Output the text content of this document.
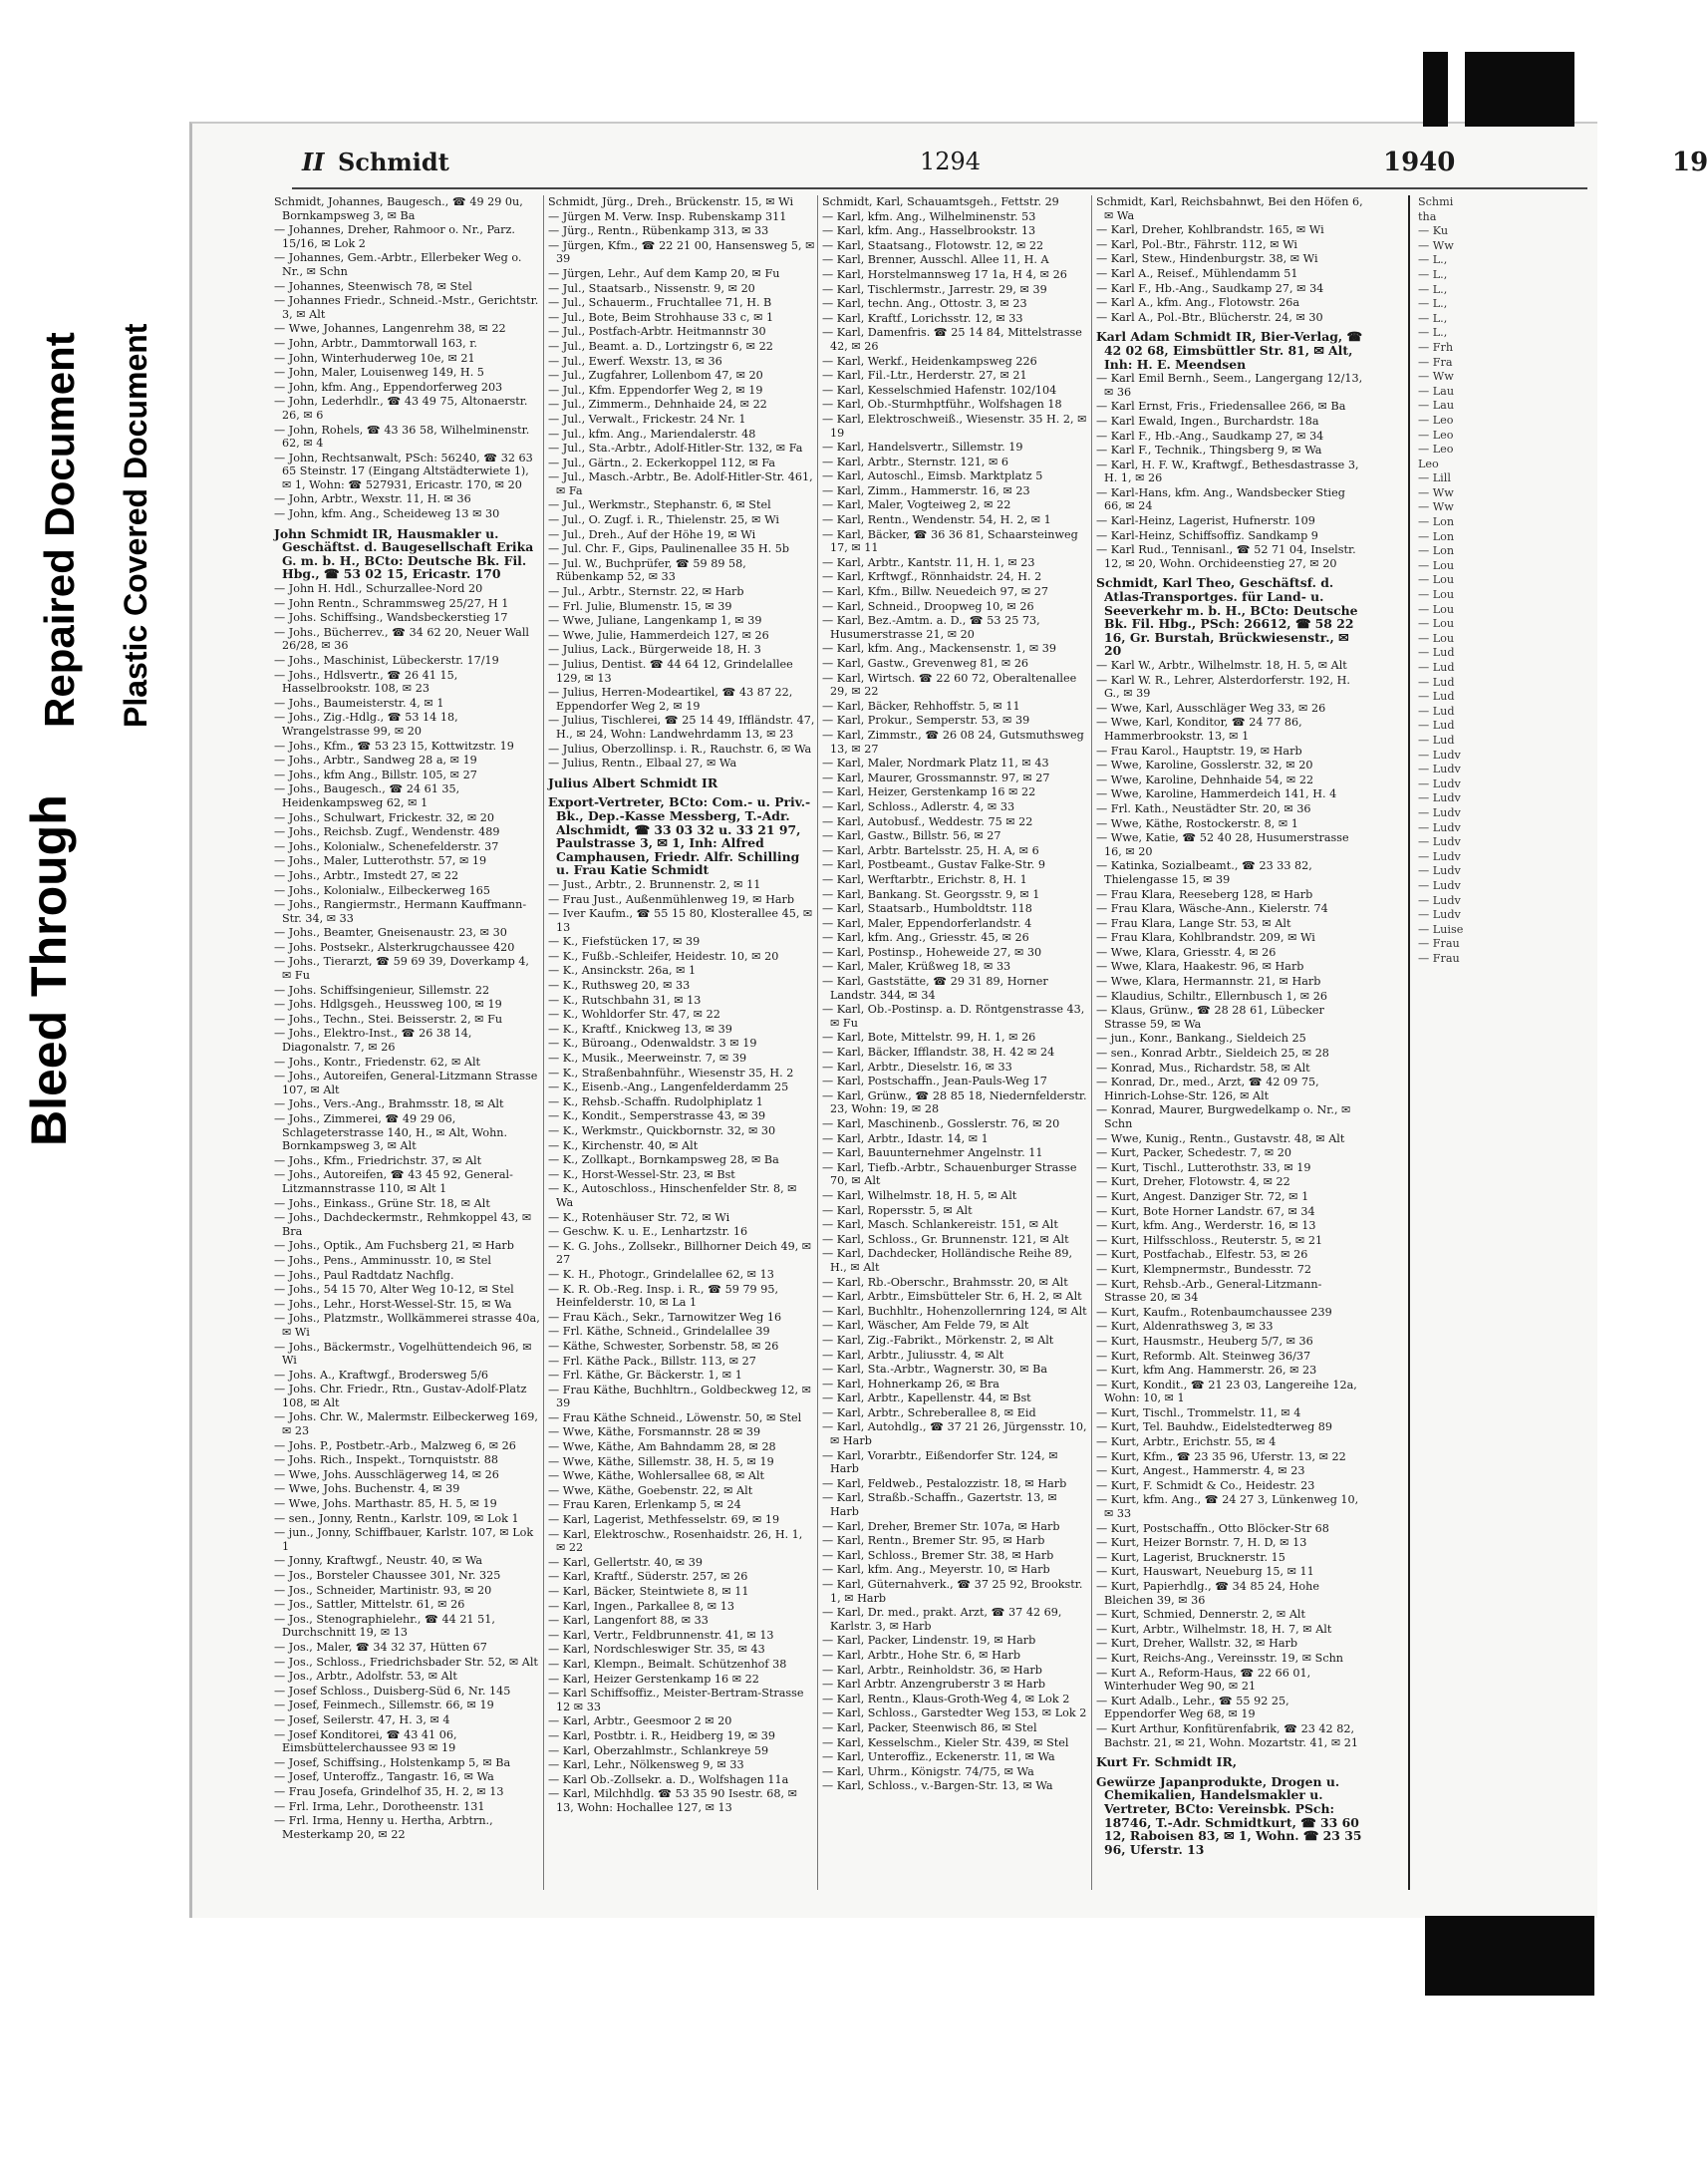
Bleed Through
Repaired Document Plastic Covered Document
II Schmidt	1294	1940	19
Schmidt, Johannes, Baugesch., ☎ 49 29 0u, Bornkampsweg 3, ✉ Ba
— Johannes, Dreher, Rahmoor o. Nr., Parz. 15/16, ✉ Lok 2
— Johannes, Gem.-Arbtr., Ellerbeker Weg o. Nr., ✉ Schn
— Johannes, Steenwisch 78, ✉ Stel
— Johannes Friedr., Schneid.-Mstr., Gerichtstr. 3, ✉ Alt
— Wwe, Johannes, Langenrehm 38, ✉ 22
— John, Arbtr., Dammtorwall 163, r.
— John, Winterhuderweg 10e, ✉ 21
— John, Maler, Louisenweg 149, H. 5
— John, kfm. Ang., Eppendorferweg 203
— John, Lederhdlr., ☎ 43 49 75, Altonaerstr. 26, ✉ 6
— John, Rohels, ☎ 43 36 58, Wilhelminenstr. 62, ✉ 4
— John, Rechtsanwalt, PSch: 56240, ☎ 32 63 65 Steinstr. 17 (Eingang Altstädterwiete 1), ✉ 1, Wohn: ☎ 527931, Ericastr. 170, ✉ 20
— John, Arbtr., Wexstr. 11, H. ✉ 36
— John, kfm. Ang., Scheideweg 13 ✉ 30
John Schmidt IR, Hausmakler u. Geschäftst. d. Baugesellschaft Erika G. m. b. H., BCto: Deutsche Bk. Fil. Hbg., ☎ 53 02 15, Ericastr. 170
— John H. Hdl., Schurzallee-Nord 20
— John Rentn., Schrammsweg 25/27, H 1
— Johs. Schiffsing., Wandsbeckerstieg 17
— Johs., Bücherrev., ☎ 34 62 20, Neuer Wall 26/28, ✉ 36
— Johs., Maschinist, Lübeckerstr. 17/19
— Johs., Hdlsvertr., ☎ 26 41 15, Hasselbrookstr. 108, ✉ 23
— Johs., Baumeisterstr. 4, ✉ 1
— Johs., Zig.-Hdlg., ☎ 53 14 18, Wrangelstrasse 99, ✉ 20
— Johs., Kfm., ☎ 53 23 15, Kottwitzstr. 19
— Johs., Arbtr., Sandweg 28 a, ✉ 19
— Johs., kfm Ang., Billstr. 105, ✉ 27
— Johs., Baugesch., ☎ 24 61 35, Heidenkampsweg 62, ✉ 1
— Johs., Schulwart, Frickestr. 32, ✉ 20
— Johs., Reichsb. Zugf., Wendenstr. 489
— Johs., Kolonialw., Schenefelderstr. 37
— Johs., Maler, Lutterothstr. 57, ✉ 19
— Johs., Arbtr., Imstedt 27, ✉ 22
— Johs., Kolonialw., Eilbeckerweg 165
— Johs., Rangiermstr., Hermann Kauffmann-Str. 34, ✉ 33
— Johs., Beamter, Gneisenaustr. 23, ✉ 30
— Johs. Postsekr., Alsterkrugchaussee 420
— Johs., Tierarzt, ☎ 59 69 39, Doverkamp 4, ✉ Fu
— Johs. Schiffsingenieur, Sillemstr. 22
— Johs. Hdlgsgeh., Heussweg 100, ✉ 19
— Johs., Techn., Stei. Beisserstr. 2, ✉ Fu
— Johs., Elektro-Inst., ☎ 26 38 14, Diagonalstr. 7, ✉ 26
— Johs., Kontr., Friedenstr. 62, ✉ Alt
— Johs., Autoreifen, General-Litzmann Strasse 107, ✉ Alt
— Johs., Vers.-Ang., Brahmsstr. 18, ✉ Alt
— Johs., Zimmerei, ☎ 49 29 06, Schlageterstrasse 140, H., ✉ Alt, Wohn. Bornkampsweg 3, ✉ Alt
— Johs., Kfm., Friedrichstr. 37, ✉ Alt
— Johs., Autoreifen, ☎ 43 45 92, General-Litzmannstrasse 110, ✉ Alt 1
— Johs., Einkass., Grüne Str. 18, ✉ Alt
— Johs., Dachdeckermstr., Rehmkoppel 43, ✉ Bra
— Johs., Optik., Am Fuchsberg 21, ✉ Harb
— Johs., Pens., Amminusstr. 10, ✉ Stel
— Johs., Paul Radtdatz Nachflg.
— Johs., 54 15 70, Alter Weg 10-12, ✉ Stel
— Johs., Lehr., Horst-Wessel-Str. 15, ✉ Wa
— Johs., Platzmstr., Wollkämmerei strasse 40a, ✉ Wi
— Johs., Bäckermstr., Vogelhüttendeich 96, ✉ Wi
— Johs. A., Kraftwgf., Brodersweg 5/6
— Johs. Chr. Friedr., Rtn., Gustav-Adolf-Platz 108, ✉ Alt
— Johs. Chr. W., Malermstr. Eilbeckerweg 169, ✉ 23
— Johs. P., Postbetr.-Arb., Malzweg 6, ✉ 26
— Johs. Rich., Inspekt., Tornquiststr. 88
— Wwe, Johs. Ausschlägerweg 14, ✉ 26
— Wwe, Johs. Buchenstr. 4, ✉ 39
— Wwe, Johs. Marthastr. 85, H. 5, ✉ 19
— sen., Jonny, Rentn., Karlstr. 109, ✉ Lok 1
— jun., Jonny, Schiffbauer, Karlstr. 107, ✉ Lok 1
— Jonny, Kraftwgf., Neustr. 40, ✉ Wa
— Jos., Borsteler Chaussee 301, Nr. 325
— Jos., Schneider, Martinistr. 93, ✉ 20
— Jos., Sattler, Mittelstr. 61, ✉ 26
— Jos., Stenographielehr., ☎ 44 21 51, Durchschnitt 19, ✉ 13
— Jos., Maler, ☎ 34 32 37, Hütten 67
— Jos., Schloss., Friedrichsbader Str. 52, ✉ Alt
— Jos., Arbtr., Adolfstr. 53, ✉ Alt
— Josef Schloss., Duisberg-Süd 6, Nr. 145
— Josef, Feinmech., Sillemstr. 66, ✉ 19
— Josef, Seilerstr. 47, H. 3, ✉ 4
— Josef Konditorei, ☎ 43 41 06, Eimsbüttelerchaussee 93 ✉ 19
— Josef, Schiffsing., Holstenkamp 5, ✉ Ba
— Josef, Unteroffz., Tangastr. 16, ✉ Wa
— Frau Josefa, Grindelhof 35, H. 2, ✉ 13
— Frl. Irma, Lehr., Dorotheenstr. 131
— Frl. Irma, Henny u. Hertha, Arbtrn., Mesterkamp 20, ✉ 22
Schmidt, Jürg., Dreh., Brückenstr. 15, ✉ Wi
— Jürgen M. Verw. Insp. Rubenskamp 311
— Jürg., Rentn., Rübenkamp 313, ✉ 33
— Jürgen, Kfm., ☎ 22 21 00, Hansensweg 5, ✉ 39
— Jürgen, Lehr., Auf dem Kamp 20, ✉ Fu
— Jul., Staatsarb., Nissenstr. 9, ✉ 20
— Jul., Schauerm., Fruchtallee 71, H. B
— Jul., Bote, Beim Strohhause 33 c, ✉ 1
— Jul., Postfach-Arbtr. Heitmannstr 30
— Jul., Beamt. a. D., Lortzingstr 6, ✉ 22
— Jul., Ewerf. Wexstr. 13, ✉ 36
— Jul., Zugfahrer, Lollenbom 47, ✉ 20
— Jul., Kfm. Eppendorfer Weg 2, ✉ 19
— Jul., Zimmerm., Dehnhaide 24, ✉ 22
— Jul., Verwalt., Frickestr. 24 Nr. 1
— Jul., kfm. Ang., Mariendalerstr. 48
— Jul., Sta.-Arbtr., Adolf-Hitler-Str. 132, ✉ Fa
— Jul., Gärtn., 2. Eckerkoppel 112, ✉ Fa
— Jul., Masch.-Arbtr., Be. Adolf-Hitler-Str. 461, ✉ Fa
— Jul., Werkmstr., Stephanstr. 6, ✉ Stel
— Jul., O. Zugf. i. R., Thielenstr. 25, ✉ Wi
— Jul., Dreh., Auf der Höhe 19, ✉ Wi
— Jul. Chr. F., Gips, Paulinenallee 35 H. 5b
— Jul. W., Buchprüfer, ☎ 59 89 58, Rübenkamp 52, ✉ 33
— Jul., Arbtr., Sternstr. 22, ✉ Harb
— Frl. Julie, Blumenstr. 15, ✉ 39
— Wwe, Juliane, Langenkamp 1, ✉ 39
— Wwe, Julie, Hammerdeich 127, ✉ 26
— Julius, Lack., Bürgerweide 18, H. 3
— Julius, Dentist. ☎ 44 64 12, Grindelallee 129, ✉ 13
— Julius, Herren-Modeartikel, ☎ 43 87 22, Eppendorfer Weg 2, ✉ 19
— Julius, Tischlerei, ☎ 25 14 49, Iffländstr. 47, H., ✉ 24, Wohn: Landwehrdamm 13, ✉ 23
— Julius, Oberzollinsp. i. R., Rauchstr. 6, ✉ Wa
— Julius, Rentn., Elbaal 27, ✉ Wa
Julius Albert Schmidt IR
Export-Vertreter, BCto: Com.- u. Priv.-Bk., Dep.-Kasse Messberg, T.-Adr. Alschmidt, ☎ 33 03 32 u. 33 21 97, Paulstrasse 3, ✉ 1, Inh: Alfred Camphausen, Friedr. Alfr. Schilling u. Frau Katie Schmidt
— Just., Arbtr., 2. Brunnenstr. 2, ✉ 11
— Frau Just., Außenmühlenweg 19, ✉ Harb
— Iver Kaufm., ☎ 55 15 80, Klosterallee 45, ✉ 13
— K., Fiefstücken 17, ✉ 39
— K., Fußb.-Schleifer, Heidestr. 10, ✉ 20
— K., Ansinckstr. 26a, ✉ 1
— K., Ruthsweg 20, ✉ 33
— K., Rutschbahn 31, ✉ 13
— K., Wohldorfer Str. 47, ✉ 22
— K., Kraftf., Knickweg 13, ✉ 39
— K., Büroang., Odenwaldstr. 3 ✉ 19
— K., Musik., Meerweinstr. 7, ✉ 39
— K., Straßenbahnführ., Wiesenstr 35, H. 2
— K., Eisenb.-Ang., Langenfelderdamm 25
— K., Rehsb.-Schaffn. Rudolphiplatz 1
— K., Kondit., Semperstrasse 43, ✉ 39
— K., Werkmstr., Quickbornstr. 32, ✉ 30
— K., Kirchenstr. 40, ✉ Alt
— K., Zollkapt., Bornkampsweg 28, ✉ Ba
— K., Horst-Wessel-Str. 23, ✉ Bst
— K., Autoschloss., Hinschenfelder Str. 8, ✉ Wa
— K., Rotenhäuser Str. 72, ✉ Wi
— Geschw. K. u. E., Lenhartzstr. 16
— K. G. Johs., Zollsekr., Billhorner Deich 49, ✉ 27
— K. H., Photogr., Grindelallee 62, ✉ 13
— K. R. Ob.-Reg. Insp. i. R., ☎ 59 79 95, Heinfelderstr. 10, ✉ La 1
— Frau Käch., Sekr., Tarnowitzer Weg 16
— Frl. Käthe, Schneid., Grindelallee 39
— Käthe, Schwester, Sorbenstr. 58, ✉ 26
— Frl. Käthe Pack., Billstr. 113, ✉ 27
— Frl. Käthe, Gr. Bäckerstr. 1, ✉ 1
— Frau Käthe, Buchhltrn., Goldbeckweg 12, ✉ 39
— Frau Käthe Schneid., Löwenstr. 50, ✉ Stel
— Wwe, Käthe, Forsmannstr. 28 ✉ 39
— Wwe, Käthe, Am Bahndamm 28, ✉ 28
— Wwe, Käthe, Sillemstr. 38, H. 5, ✉ 19
— Wwe, Käthe, Wohlersallee 68, ✉ Alt
— Wwe, Käthe, Goebenstr. 22, ✉ Alt
— Frau Karen, Erlenkamp 5, ✉ 24
— Karl, Lagerist, Methfesselstr. 69, ✉ 19
— Karl, Elektroschw., Rosenhaidstr. 26, H. 1, ✉ 22
— Karl, Gellertstr. 40, ✉ 39
— Karl, Kraftf., Süderstr. 257, ✉ 26
— Karl, Bäcker, Steintwiete 8, ✉ 11
— Karl, Ingen., Parkallee 8, ✉ 13
— Karl, Langenfort 88, ✉ 33
— Karl, Vertr., Feldbrunnenstr. 41, ✉ 13
— Karl, Nordschleswiger Str. 35, ✉ 43
— Karl, Klempn., Beimalt. Schützenhof 38
— Karl, Heizer Gerstenkamp 16 ✉ 22
— Karl Schiffsoffiz., Meister-Bertram-Strasse 12 ✉ 33
— Karl, Arbtr., Geesmoor 2 ✉ 20
— Karl, Postbtr. i. R., Heidberg 19, ✉ 39
— Karl, Oberzahlmstr., Schlankreye 59
— Karl, Lehr., Nölkensweg 9, ✉ 33
— Karl Ob.-Zollsekr. a. D., Wolfshagen 11a
— Karl, Milchhdlg. ☎ 53 35 90 Isestr. 68, ✉ 13, Wohn: Hochallee 127, ✉ 13
Schmidt, Karl, Schauamtsgeh., Fettstr. 29
— Karl, kfm. Ang., Wilhelminenstr. 53
— Karl, kfm. Ang., Hasselbrookstr. 13
— Karl, Staatsang., Flotowstr. 12, ✉ 22
— Karl, Brenner, Ausschl. Allee 11, H. A
— Karl, Horstelmannsweg 17 1a, H 4, ✉ 26
— Karl, Tischlermstr., Jarrestr. 29, ✉ 39
— Karl, techn. Ang., Ottostr. 3, ✉ 23
— Karl, Kraftf., Lorichsstr. 12, ✉ 33
— Karl, Damenfris. ☎ 25 14 84, Mittelstrasse 42, ✉ 26
— Karl, Werkf., Heidenkampsweg 226
— Karl, Fil.-Ltr., Herderstr. 27, ✉ 21
— Karl, Kesselschmied Hafenstr. 102/104
— Karl, Ob.-Sturmhptführ., Wolfshagen 18
— Karl, Elektroschweiß., Wiesenstr. 35 H. 2, ✉ 19
— Karl, Handelsvertr., Sillemstr. 19
— Karl, Arbtr., Sternstr. 121, ✉ 6
— Karl, Autoschl., Eimsb. Marktplatz 5
— Karl, Zimm., Hammerstr. 16, ✉ 23
— Karl, Maler, Vogteiweg 2, ✉ 22
— Karl, Rentn., Wendenstr. 54, H. 2, ✉ 1
— Karl, Bäcker, ☎ 36 36 81, Schaarsteinweg 17, ✉ 11
— Karl, Arbtr., Kantstr. 11, H. 1, ✉ 23
— Karl, Krftwgf., Rönnhaidstr. 24, H. 2
— Karl, Kfm., Billw. Neuedeich 97, ✉ 27
— Karl, Schneid., Droopweg 10, ✉ 26
— Karl, Bez.-Amtm. a. D., ☎ 53 25 73, Husumerstrasse 21, ✉ 20
— Karl, kfm. Ang., Mackensenstr. 1, ✉ 39
— Karl, Gastw., Grevenweg 81, ✉ 26
— Karl, Wirtsch. ☎ 22 60 72, Oberaltenallee 29, ✉ 22
— Karl, Bäcker, Rehhoffstr. 5, ✉ 11
— Karl, Prokur., Semperstr. 53, ✉ 39
— Karl, Zimmstr., ☎ 26 08 24, Gutsmuthsweg 13, ✉ 27
— Karl, Maler, Nordmark Platz 11, ✉ 43
— Karl, Maurer, Grossmannstr. 97, ✉ 27
— Karl, Heizer, Gerstenkamp 16 ✉ 22
— Karl, Schloss., Adlerstr. 4, ✉ 33
— Karl, Autobusf., Weddestr. 75 ✉ 22
— Karl, Gastw., Billstr. 56, ✉ 27
— Karl, Arbtr. Bartelsstr. 25, H. A, ✉ 6
— Karl, Postbeamt., Gustav Falke-Str. 9
— Karl, Werftarbtr., Erichstr. 8, H. 1
— Karl, Bankang. St. Georgsstr. 9, ✉ 1
— Karl, Staatsarb., Humboldtstr. 118
— Karl, Maler, Eppendorferlandstr. 4
— Karl, kfm. Ang., Griesstr. 45, ✉ 26
— Karl, Postinsp., Hoheweide 27, ✉ 30
— Karl, Maler, Krüßweg 18, ✉ 33
— Karl, Gaststätte, ☎ 29 31 89, Horner Landstr. 344, ✉ 34
— Karl, Ob.-Postinsp. a. D. Röntgenstrasse 43, ✉ Fu
— Karl, Bote, Mittelstr. 99, H. 1, ✉ 26
— Karl, Bäcker, Ifflandstr. 38, H. 42 ✉ 24
— Karl, Arbtr., Dieselstr. 16, ✉ 33
— Karl, Postschaffn., Jean-Pauls-Weg 17
— Karl, Grünw., ☎ 28 85 18, Niedernfelderstr. 23, Wohn: 19, ✉ 28
— Karl, Maschinenb., Gosslerstr. 76, ✉ 20
— Karl, Arbtr., Idastr. 14, ✉ 1
— Karl, Bauunternehmer Angelnstr. 11
— Karl, Tiefb.-Arbtr., Schauenburger Strasse 70, ✉ Alt
— Karl, Wilhelmstr. 18, H. 5, ✉ Alt
— Karl, Ropersstr. 5, ✉ Alt
— Karl, Masch. Schlankereistr. 151, ✉ Alt
— Karl, Schloss., Gr. Brunnenstr. 121, ✉ Alt
— Karl, Dachdecker, Holländische Reihe 89, H., ✉ Alt
— Karl, Rb.-Oberschr., Brahmsstr. 20, ✉ Alt
— Karl, Arbtr., Eimsbütteler Str. 6, H. 2, ✉ Alt
— Karl, Buchhltr., Hohenzollernring 124, ✉ Alt
— Karl, Wäscher, Am Felde 79, ✉ Alt
— Karl, Zig.-Fabrikt., Mörkenstr. 2, ✉ Alt
— Karl, Arbtr., Juliusstr. 4, ✉ Alt
— Karl, Sta.-Arbtr., Wagnerstr. 30, ✉ Ba
— Karl, Hohnerkamp 26, ✉ Bra
— Karl, Arbtr., Kapellenstr. 44, ✉ Bst
— Karl, Arbtr., Schreberallee 8, ✉ Eid
— Karl, Autohdlg., ☎ 37 21 26, Jürgensstr. 10, ✉ Harb
— Karl, Vorarbtr., Eißendorfer Str. 124, ✉ Harb
— Karl, Feldweb., Pestalozzistr. 18, ✉ Harb
— Karl, Straßb.-Schaffn., Gazertstr. 13, ✉ Harb
— Karl, Dreher, Bremer Str. 107a, ✉ Harb
— Karl, Rentn., Bremer Str. 95, ✉ Harb
— Karl, Schloss., Bremer Str. 38, ✉ Harb
— Karl, kfm. Ang., Meyerstr. 10, ✉ Harb
— Karl, Güternahverk., ☎ 37 25 92, Brookstr. 1, ✉ Harb
— Karl, Dr. med., prakt. Arzt, ☎ 37 42 69, Karlstr. 3, ✉ Harb
— Karl, Packer, Lindenstr. 19, ✉ Harb
— Karl, Arbtr., Hohe Str. 6, ✉ Harb
— Karl, Arbtr., Reinholdstr. 36, ✉ Harb
— Karl Arbtr. Anzengruberstr 3 ✉ Harb
— Karl, Rentn., Klaus-Groth-Weg 4, ✉ Lok 2
— Karl, Schloss., Garstedter Weg 153, ✉ Lok 2
— Karl, Packer, Steenwisch 86, ✉ Stel
— Karl, Kesselschm., Kieler Str. 439, ✉ Stel
— Karl, Unteroffiz., Eckenerstr. 11, ✉ Wa
— Karl, Uhrm., Königstr. 74/75, ✉ Wa
— Karl, Schloss., v.-Bargen-Str. 13, ✉ Wa
Schmidt, Karl, Reichsbahnwt, Bei den Höfen 6, ✉ Wa
— Karl, Dreher, Kohlbrandstr. 165, ✉ Wi
— Karl, Pol.-Btr., Fährstr. 112, ✉ Wi
— Karl, Stew., Hindenburgstr. 38, ✉ Wi
— Karl A., Reisef., Mühlendamm 51
— Karl F., Hb.-Ang., Saudkamp 27, ✉ 34
— Karl A., kfm. Ang., Flotowstr. 26a
— Karl A., Pol.-Btr., Blücherstr. 24, ✉ 30
Karl Adam Schmidt IR, Bier-Verlag, ☎ 42 02 68, Eimsbüttler Str. 81, ✉ Alt, Inh: H. E. Meendsen
— Karl Emil Bernh., Seem., Langergang 12/13, ✉ 36
— Karl Ernst, Fris., Friedensallee 266, ✉ Ba
— Karl Ewald, Ingen., Burchardstr. 18a
— Karl F., Hb.-Ang., Saudkamp 27, ✉ 34
— Karl F., Technik., Thingsberg 9, ✉ Wa
— Karl, H. F. W., Kraftwgf., Bethesdastrasse 3, H. 1, ✉ 26
— Karl-Hans, kfm. Ang., Wandsbecker Stieg 66, ✉ 24
— Karl-Heinz, Lagerist, Hufnerstr. 109
— Karl-Heinz, Schiffsoffiz. Sandkamp 9
— Karl Rud., Tennisanl., ☎ 52 71 04, Inselstr. 12, ✉ 20, Wohn. Orchideenstieg 27, ✉ 20
Schmidt, Karl Theo, Geschäftsf. d. Atlas-Transportges. für Land- u. Seeverkehr m. b. H., BCto: Deutsche Bk. Fil. Hbg., PSch: 26612, ☎ 58 22 16, Gr. Burstah, Brückwiesenstr., ✉ 20
— Karl W., Arbtr., Wilhelmstr. 18, H. 5, ✉ Alt
— Karl W. R., Lehrer, Alsterdorferstr. 192, H. G., ✉ 39
— Wwe, Karl, Ausschläger Weg 33, ✉ 26
— Wwe, Karl, Konditor, ☎ 24 77 86, Hammerbrookstr. 13, ✉ 1
— Frau Karol., Hauptstr. 19, ✉ Harb
— Wwe, Karoline, Gosslerstr. 32, ✉ 20
— Wwe, Karoline, Dehnhaide 54, ✉ 22
— Wwe, Karoline, Hammerdeich 141, H. 4
— Frl. Kath., Neustädter Str. 20, ✉ 36
— Wwe, Käthe, Rostockerstr. 8, ✉ 1
— Wwe, Katie, ☎ 52 40 28, Husumerstrasse 16, ✉ 20
— Katinka, Sozialbeamt., ☎ 23 33 82, Thielengasse 15, ✉ 39
— Frau Klara, Reeseberg 128, ✉ Harb
— Frau Klara, Wäsche-Ann., Kielerstr. 74
— Frau Klara, Lange Str. 53, ✉ Alt
— Frau Klara, Kohlbrandstr. 209, ✉ Wi
— Wwe, Klara, Griesstr. 4, ✉ 26
— Wwe, Klara, Haakestr. 96, ✉ Harb
— Wwe, Klara, Hermannstr. 21, ✉ Harb
— Klaudius, Schiltr., Ellernbusch 1, ✉ 26
— Klaus, Grünw., ☎ 28 28 61, Lübecker Strasse 59, ✉ Wa
— jun., Konr., Bankang., Sieldeich 25
— sen., Konrad Arbtr., Sieldeich 25, ✉ 28
— Konrad, Mus., Richardstr. 58, ✉ Alt
— Konrad, Dr., med., Arzt, ☎ 42 09 75, Hinrich-Lohse-Str. 126, ✉ Alt
— Konrad, Maurer, Burgwedelkamp o. Nr., ✉ Schn
— Wwe, Kunig., Rentn., Gustavstr. 48, ✉ Alt
— Kurt, Packer, Schedestr. 7, ✉ 20
— Kurt, Tischl., Lutterothstr. 33, ✉ 19
— Kurt, Dreher, Flotowstr. 4, ✉ 22
— Kurt, Angest. Danziger Str. 72, ✉ 1
— Kurt, Bote Horner Landstr. 67, ✉ 34
— Kurt, kfm. Ang., Werderstr. 16, ✉ 13
— Kurt, Hilfsschloss., Reuterstr. 5, ✉ 21
— Kurt, Postfachab., Elfestr. 53, ✉ 26
— Kurt, Klempnermstr., Bundesstr. 72
— Kurt, Rehsb.-Arb., General-Litzmann-Strasse 20, ✉ 34
— Kurt, Kaufm., Rotenbaumchaussee 239
— Kurt, Aldenrathsweg 3, ✉ 33
— Kurt, Hausmstr., Heuberg 5/7, ✉ 36
— Kurt, Reformb. Alt. Steinweg 36/37
— Kurt, kfm Ang. Hammerstr. 26, ✉ 23
— Kurt, Kondit., ☎ 21 23 03, Langereihe 12a, Wohn: 10, ✉ 1
— Kurt, Tischl., Trommelstr. 11, ✉ 4
— Kurt, Tel. Bauhdw., Eidelstedterweg 89
— Kurt, Arbtr., Erichstr. 55, ✉ 4
— Kurt, Kfm., ☎ 23 35 96, Uferstr. 13, ✉ 22
— Kurt, Angest., Hammerstr. 4, ✉ 23
— Kurt, F. Schmidt & Co., Heidestr. 23
— Kurt, kfm. Ang., ☎ 24 27 3, Lünkenweg 10, ✉ 33
— Kurt, Postschaffn., Otto Blöcker-Str 68
— Kurt, Heizer Bornstr. 7, H. D, ✉ 13
— Kurt, Lagerist, Brucknerstr. 15
— Kurt, Hauswart, Neueburg 15, ✉ 11
— Kurt, Papierhdlg., ☎ 34 85 24, Hohe Bleichen 39, ✉ 36
— Kurt, Schmied, Dennerstr. 2, ✉ Alt
— Kurt, Arbtr., Wilhelmstr. 18, H. 7, ✉ Alt
— Kurt, Dreher, Wallstr. 32, ✉ Harb
— Kurt, Reichs-Ang., Vereinsstr. 19, ✉ Schn
— Kurt A., Reform-Haus, ☎ 22 66 01, Winterhuder Weg 90, ✉ 21
— Kurt Adalb., Lehr., ☎ 55 92 25, Eppendorfer Weg 68, ✉ 19
— Kurt Arthur, Konfitürenfabrik, ☎ 23 42 82, Bachstr. 21, ✉ 21, Wohn. Mozartstr. 41, ✉ 21
Kurt Fr. Schmidt IR,
Gewürze Japanprodukte, Drogen u. Chemikalien, Handelsmakler u. Vertreter, BCto: Vereinsbk. PSch: 18746, T.-Adr. Schmidtkurt, ☎ 33 60 12, Raboisen 83, ✉ 1, Wohn. ☎ 23 35 96, Uferstr. 13
Schmi
tha
— Ku
— Ww
— L.,
— L.,
— L.,
— L.,
— L.,
— L.,
— Frh
— Fra
— Ww
— Lau
— Lau
— Leo
— Leo
— Leo
Leo
— Lill
— Ww
— Ww
— Lon
— Lon
— Lon
— Lou
— Lou
— Lou
— Lou
— Lou
— Lou
— Lud
— Lud
— Lud
— Lud
— Lud
— Lud
— Lud
— Ludv
— Ludv
— Ludv
— Ludv
— Ludv
— Ludv
— Ludv
— Ludv
— Ludv
— Ludv
— Ludv
— Ludv
— Luise
— Frau
— Frau
